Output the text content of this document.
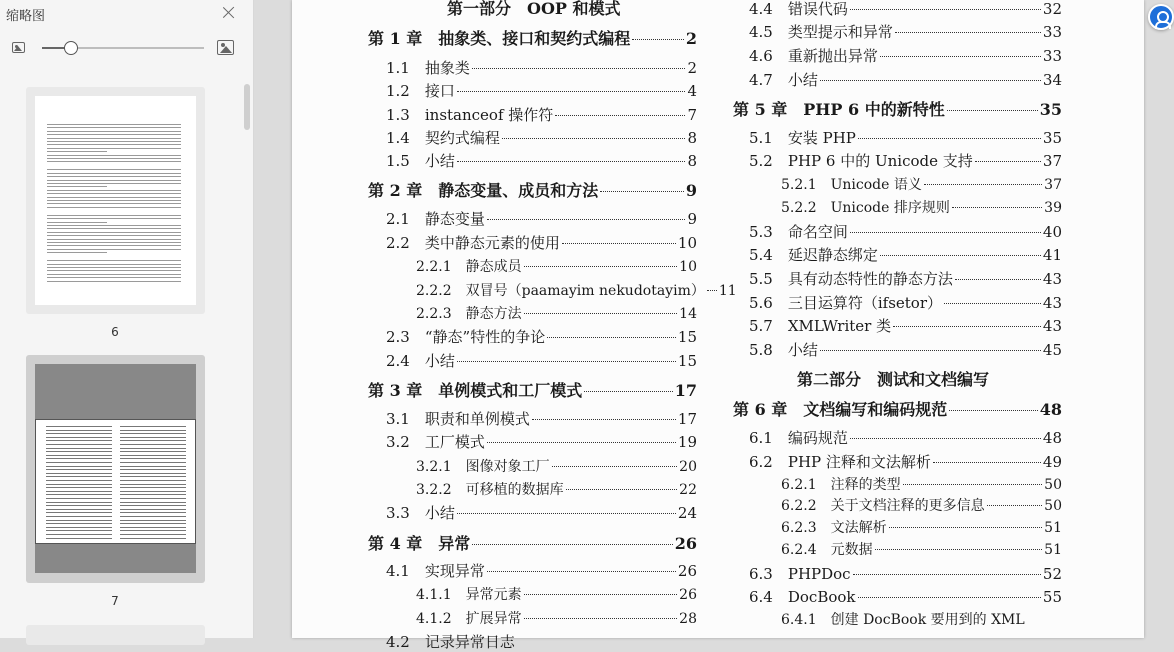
缩略图
6
7
第一部分　OOP 和模式
第 1 章　抽象类、接口和契约式编程	2
1.1　抽象类	2
1.2　接口	4
1.3　instanceof 操作符	7
1.4　契约式编程	8
1.5　小结	8
第 2 章　静态变量、成员和方法	9
2.1　静态变量	9
2.2　类中静态元素的使用	10
2.2.1　静态成员	10
2.2.2　双冒号（paamayim nekudotayim） 11
2.2.3　静态方法	14
2.3　“静态”特性的争论	15
2.4　小结	15
第 3 章　单例模式和工厂模式	17
3.1　职责和单例模式	17
3.2　工厂模式	19
3.2.1　图像对象工厂	20
3.2.2　可移植的数据库	22
3.3　小结	24
第 4 章　异常	26
4.1　实现异常	26
4.1.1　异常元素	26
4.1.2　扩展异常	28
4.2　记录异常日志
4.4　错误代码	32
4.5　类型提示和异常	33
4.6　重新抛出异常	33
4.7　小结	34
第 5 章　PHP 6 中的新特性	35
5.1　安装 PHP	35
5.2　PHP 6 中的 Unicode 支持	37
5.2.1　Unicode 语义	37
5.2.2　Unicode 排序规则	39
5.3　命名空间	40
5.4　延迟静态绑定	41
5.5　具有动态特性的静态方法	43
5.6　三目运算符（ifsetor）	43
5.7　XMLWriter 类	43
5.8　小结	45
第 6 章　文档编写和编码规范	48
6.1　编码规范	48
6.2　PHP 注释和文法解析	49
6.2.1　注释的类型	50
6.2.2　关于文档注释的更多信息	50
6.2.3　文法解析	51
6.2.4　元数据	51
6.3　PHPDoc	52
6.4　DocBook	55
6.4.1　创建 DocBook 要用到的 XML
第二部分　测试和文档编写
